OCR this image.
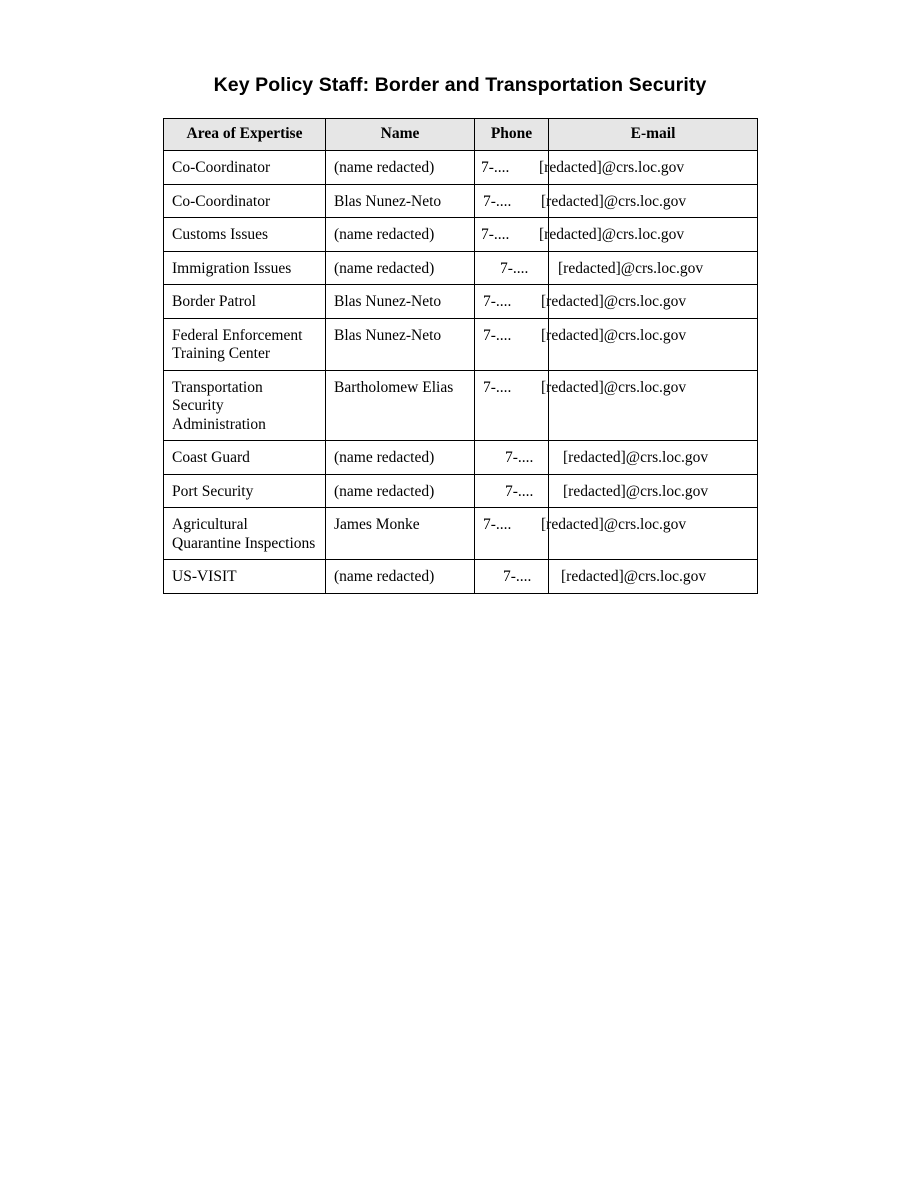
Key Policy Staff: Border and Transportation Security
Area of Expertise	Name	Phone	E-mail
Co-Coordinator	(name redacted)	7-....	[redacted]@crs.loc.gov
Co-Coordinator	Blas Nunez-Neto	7-....	[redacted]@crs.loc.gov
Customs Issues	(name redacted)	7-....	[redacted]@crs.loc.gov
Immigration Issues	(name redacted)	7-....	[redacted]@crs.loc.gov
Border Patrol	Blas Nunez-Neto	7-....	[redacted]@crs.loc.gov
Federal Enforcement Training Center	Blas Nunez-Neto	7-....	[redacted]@crs.loc.gov
Transportation Security Administration	Bartholomew Elias	7-....	[redacted]@crs.loc.gov
Coast Guard	(name redacted)	7-....	[redacted]@crs.loc.gov
Port Security	(name redacted)	7-....	[redacted]@crs.loc.gov
Agricultural Quarantine Inspections	James Monke	7-....	[redacted]@crs.loc.gov
US-VISIT	(name redacted)	7-....	[redacted]@crs.loc.gov
